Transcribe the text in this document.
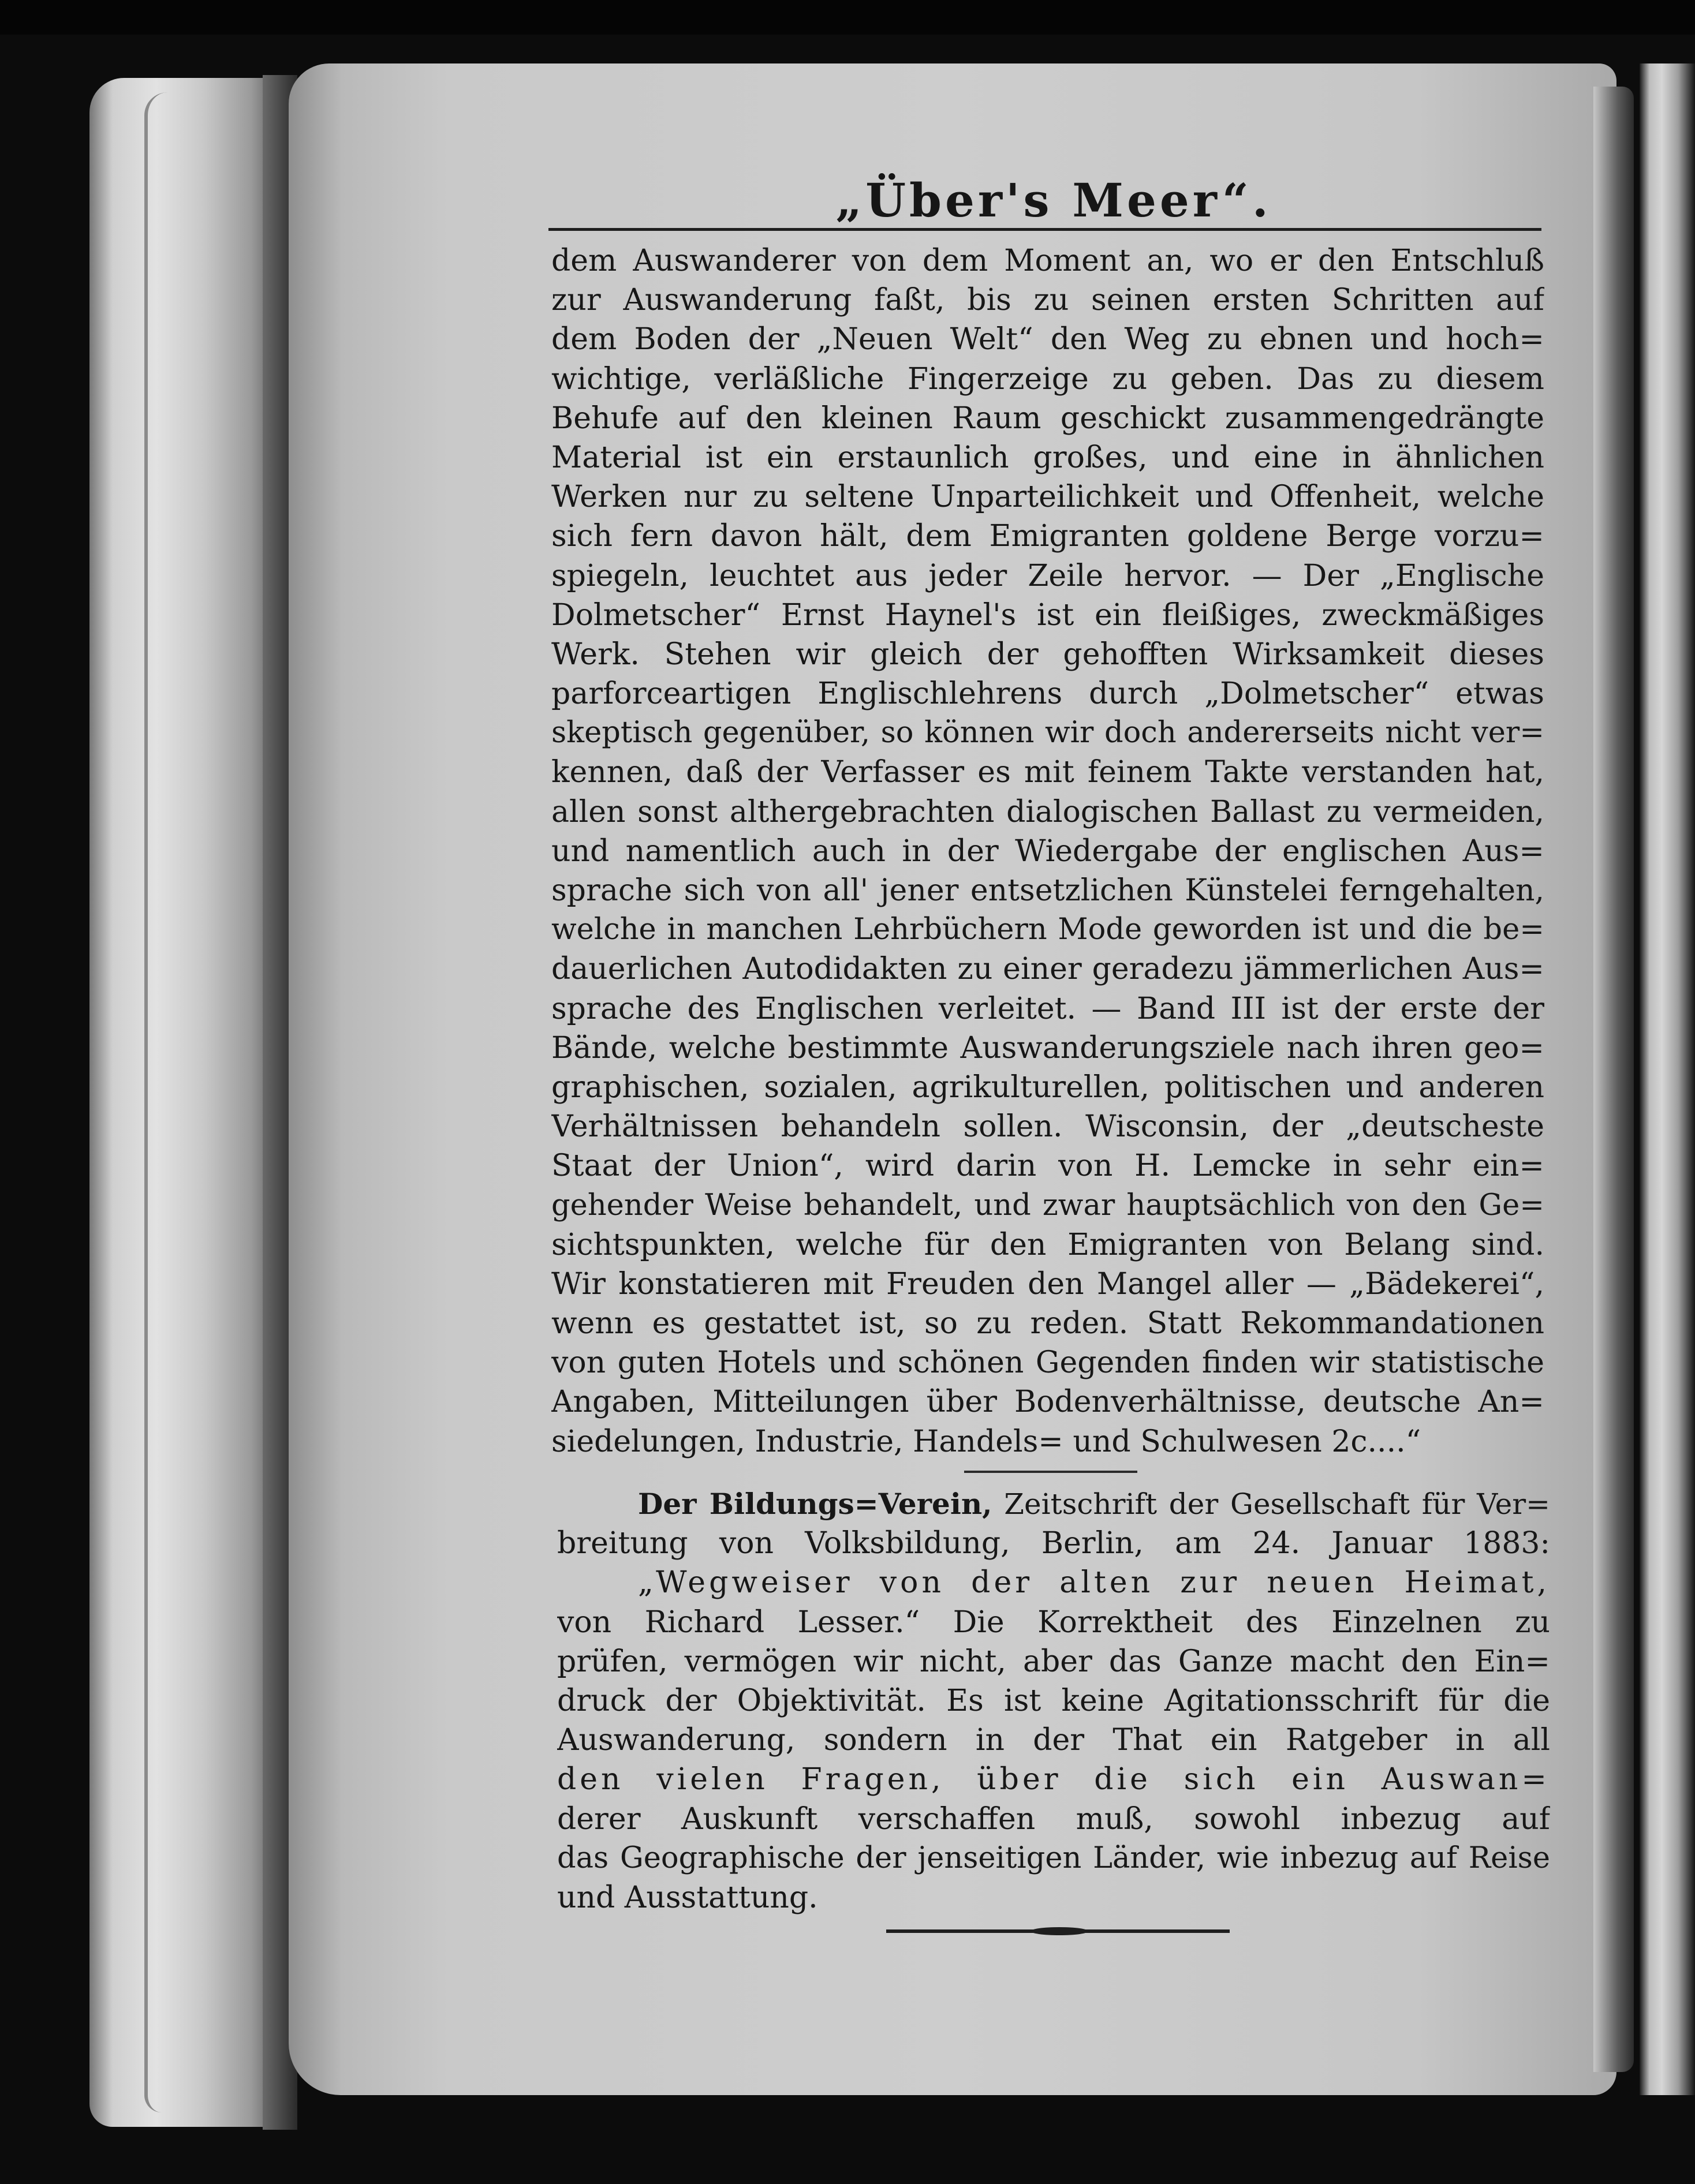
„Über's Meer“.
dem Auswanderer von dem Moment an, wo er den Entschluß
zur Auswanderung faßt, bis zu seinen ersten Schritten auf
dem Boden der „Neuen Welt“ den Weg zu ebnen und hoch=
wichtige, verläßliche Fingerzeige zu geben. Das zu diesem
Behufe auf den kleinen Raum geschickt zusammengedrängte
Material ist ein erstaunlich großes, und eine in ähnlichen
Werken nur zu seltene Unparteilichkeit und Offenheit, welche
sich fern davon hält, dem Emigranten goldene Berge vorzu=
spiegeln, leuchtet aus jeder Zeile hervor. — Der „Englische
Dolmetscher“ Ernst Haynel's ist ein fleißiges, zweckmäßiges
Werk. Stehen wir gleich der gehofften Wirksamkeit dieses
parforceartigen Englischlehrens durch „Dolmetscher“ etwas
skeptisch gegenüber, so können wir doch andererseits nicht ver=
kennen, daß der Verfasser es mit feinem Takte verstanden hat,
allen sonst althergebrachten dialogischen Ballast zu vermeiden,
und namentlich auch in der Wiedergabe der englischen Aus=
sprache sich von all' jener entsetzlichen Künstelei ferngehalten,
welche in manchen Lehrbüchern Mode geworden ist und die be=
dauerlichen Autodidakten zu einer geradezu jämmerlichen Aus=
sprache des Englischen verleitet. — Band III ist der erste der
Bände, welche bestimmte Auswanderungsziele nach ihren geo=
graphischen, sozialen, agrikulturellen, politischen und anderen
Verhältnissen behandeln sollen. Wisconsin, der „deutscheste
Staat der Union“, wird darin von H. Lemcke in sehr ein=
gehender Weise behandelt, und zwar hauptsächlich von den Ge=
sichtspunkten, welche für den Emigranten von Belang sind.
Wir konstatieren mit Freuden den Mangel aller — „Bädekerei“,
wenn es gestattet ist, so zu reden. Statt Rekommandationen
von guten Hotels und schönen Gegenden finden wir statistische
Angaben, Mitteilungen über Bodenverhältnisse, deutsche An=
siedelungen, Industrie, Handels= und Schulwesen 2c....“
Der Bildungs=Verein, Zeitschrift der Gesellschaft für Ver=
breitung von Volksbildung, Berlin, am 24. Januar 1883:
„Wegweiser von der alten zur neuen Heimat,
von Richard Lesser.“ Die Korrektheit des Einzelnen zu
prüfen, vermögen wir nicht, aber das Ganze macht den Ein=
druck der Objektivität. Es ist keine Agitationsschrift für die
Auswanderung, sondern in der That ein Ratgeber in all
den vielen Fragen, über die sich ein Auswan=
derer Auskunft verschaffen muß, sowohl inbezug auf
das Geographische der jenseitigen Länder, wie inbezug auf Reise
und Ausstattung.
